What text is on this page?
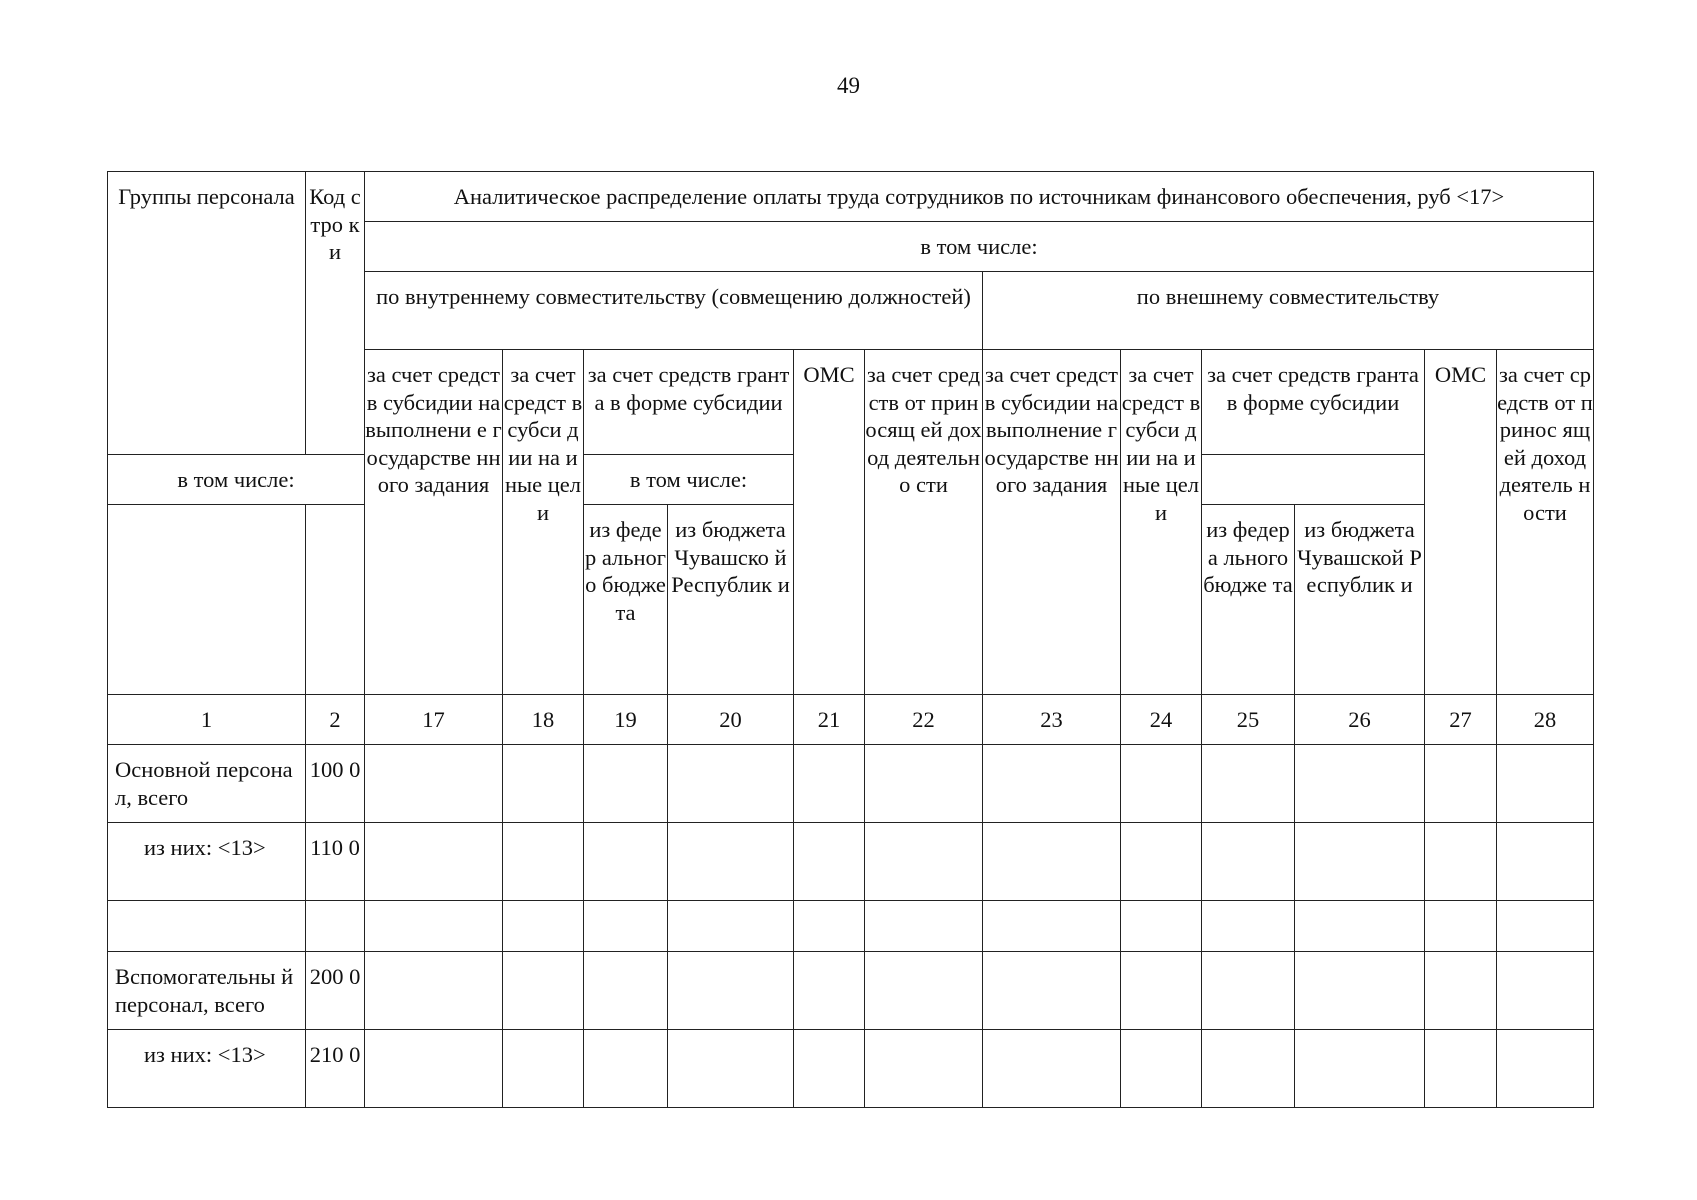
49
Группы персонала	Код стро ки	Аналитическое распределение оплаты труда сотрудников по источникам финансового обеспечения, руб <17>											
		в том числе:											
		по внутреннему совместительству (совмещению должностей)						по внешнему совместительству					
		за счет средств субсидии на выполнени е государстве нного задания	за счет средст в субси дии на иные цели	за счет средств гранта в форме субсидии		ОМС	за счет средств от приносящ ей доход деятельно сти	за счет средств субсидии на выполнение государстве нного задания	за счет средст в субси дии на иные цели	за счет средств гранта в форме субсидии		ОМС	за счет средств от принос ящей доход деятель ности
в том числе:				в том числе:									
				из федер альног о бюдже та	из бюджета Чувашско й Республик и					из федера льного бюдже та	из бюджета Чувашской Республик и		
1	2	17	18	19	20	21	22	23	24	25	26	27	28
Основной персонал, всего	100 0												
из них: <13>	110 0												

Вспомогательны й персонал, всего	200 0												
из них: <13>	210 0												
